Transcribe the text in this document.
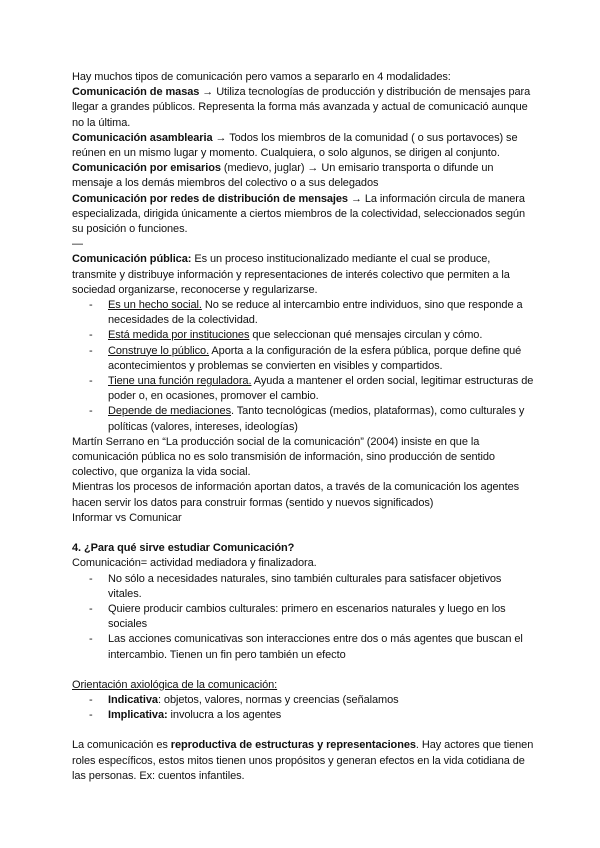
Hay muchos tipos de comunicación pero vamos a separarlo en 4 modalidades:

Comunicación de masas → Utiliza tecnologías de producción y distribución de mensajes para llegar a grandes públicos. Representa la forma más avanzada y actual de comunicació aunque no la última.

Comunicación asamblearia → Todos los miembros de la comunidad ( o sus portavoces) se reúnen en un mismo lugar y momento. Cualquiera, o solo algunos, se dirigen al conjunto.

Comunicación por emisarios (medievo, juglar) → Un emisario transporta o difunde un mensaje a los demás miembros del colectivo o a sus delegados

Comunicación por redes de distribución de mensajes → La información circula de manera especializada, dirigida únicamente a ciertos miembros de la colectividad, seleccionados según su posición o funciones.

—

Comunicación pública: Es un proceso institucionalizado mediante el cual se produce, transmite y distribuye información y representaciones de interés colectivo que permiten a la sociedad organizarse, reconocerse y regularizarse.

- Es un hecho social. No se reduce al intercambio entre individuos, sino que responde a necesidades de la colectividad.
- Está medida por instituciones que seleccionan qué mensajes circulan y cómo.
- Construye lo público. Aporta a la configuración de la esfera pública, porque define qué acontecimientos y problemas se convierten en visibles y compartidos.
- Tiene una función reguladora. Ayuda a mantener el orden social, legitimar estructuras de poder o, en ocasiones, promover el cambio.
- Depende de mediaciones. Tanto tecnológicas (medios, plataformas), como culturales y políticas (valores, intereses, ideologías)

Martín Serrano en “La producción social de la comunicación” (2004) insiste en que la comunicación pública no es solo transmisión de información, sino producción de sentido colectivo, que organiza la vida social.

Mientras los procesos de información aportan datos, a través de la comunicación los agentes hacen servir los datos para construir formas (sentido y nuevos significados)

Informar vs Comunicar

4. ¿Para qué sirve estudiar Comunicación?

Comunicación= actividad mediadora y finalizadora.

- No sólo a necesidades naturales, sino también culturales para satisfacer objetivos vitales.
- Quiere producir cambios culturales: primero en escenarios naturales y luego en los sociales
- Las acciones comunicativas son interacciones entre dos o más agentes que buscan el intercambio. Tienen un fin pero también un efecto

Orientación axiológica de la comunicación:

- Indicativa: objetos, valores, normas y creencias (señalamos
- Implicativa: involucra a los agentes

La comunicación es reproductiva de estructuras y representaciones. Hay actores que tienen roles específicos, estos mitos tienen unos propósitos y generan efectos en la vida cotidiana de las personas. Ex: cuentos infantiles.
